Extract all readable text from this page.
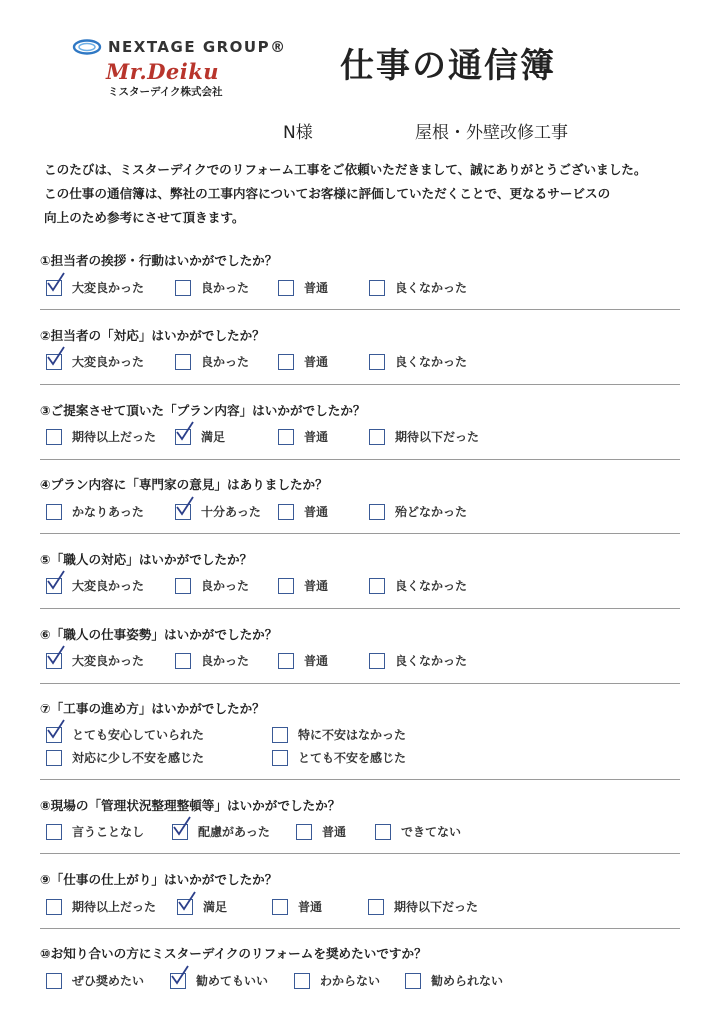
NEXTAGE GROUP®
Mr.Deiku
ミスターデイク株式会社
仕事の通信簿
N様	屋根・外壁改修工事
このたびは、ミスターデイクでのリフォーム工事をご依頼いただきまして、誠にありがとうございました。
この仕事の通信簿は、弊社の工事内容についてお客様に評価していただくことで、更なるサービスの
向上のため参考にさせて頂きます。
①担当者の挨拶・行動はいかがでしたか？
大変良かった	良かった	普通	良くなかった
②担当者の「対応」はいかがでしたか？
大変良かった	良かった	普通	良くなかった
③ご提案させて頂いた「プラン内容」はいかがでしたか？
期待以上だった	満足	普通	期待以下だった
④プラン内容に「専門家の意見」はありましたか？
かなりあった	十分あった	普通	殆どなかった
⑤「職人の対応」はいかがでしたか？
大変良かった	良かった	普通	良くなかった
⑥「職人の仕事姿勢」はいかがでしたか？
大変良かった	良かった	普通	良くなかった
⑦「工事の進め方」はいかがでしたか？
とても安心していられた	特に不安はなかった
対応に少し不安を感じた	とても不安を感じた
⑧現場の「管理状況整理整頓等」はいかがでしたか？
言うことなし	配慮があった	普通	できてない
⑨「仕事の仕上がり」はいかがでしたか？
期待以上だった	満足	普通	期待以下だった
⑩お知り合いの方にミスターデイクのリフォームを奨めたいですか？
ぜひ奨めたい	勧めてもいい	わからない	勧められない
